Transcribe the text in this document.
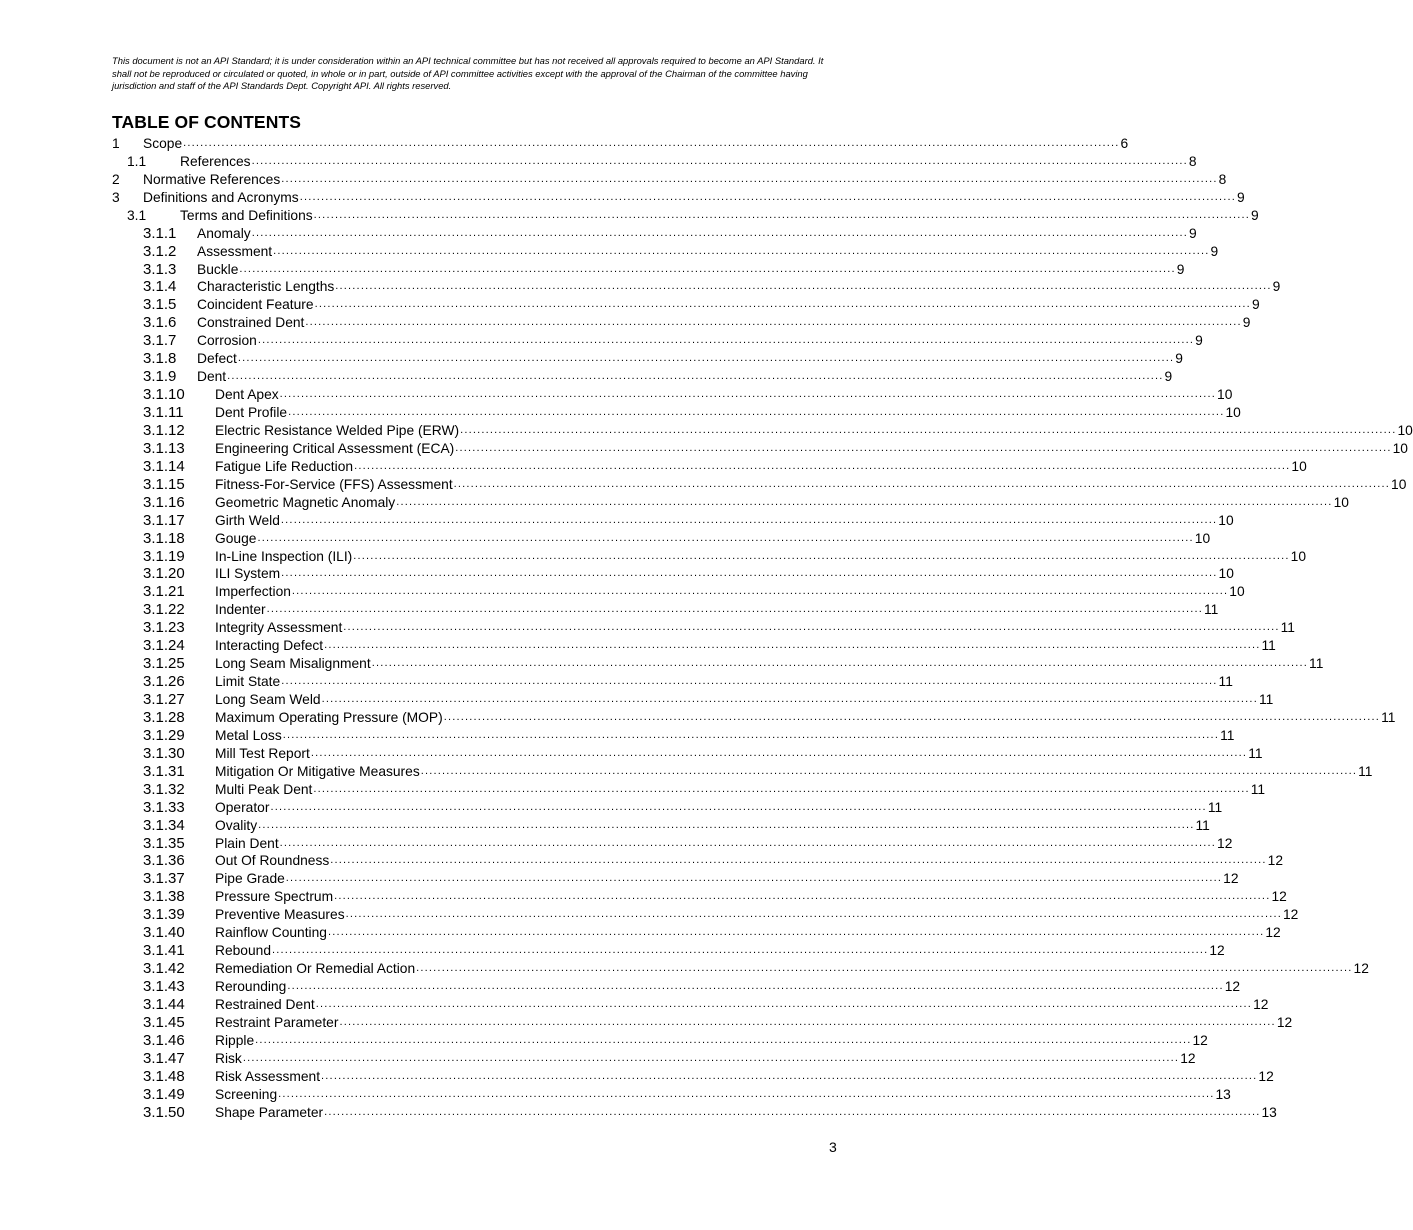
This document is not an API Standard; it is under consideration within an API technical committee but has not received all approvals required to become an API Standard. It shall not be reproduced or circulated or quoted, in whole or in part, outside of API committee activities except with the approval of the Chairman of the committee having jurisdiction and staff of the API Standards Dept. Copyright API. All rights reserved.
TABLE OF CONTENTS
1 Scope ............................................................................................................................................................................................................................ 6
1.1 References ............................................................................................................................................................................................................................ 8
2 Normative References ............................................................................................................................................................................................................................ 8
3 Definitions and Acronyms ............................................................................................................................................................................................................................ 9
3.1 Terms and Definitions ............................................................................................................................................................................................................................ 9
3.1.1 Anomaly ............................................................................................................................................................................................................................ 9
3.1.2 Assessment ............................................................................................................................................................................................................................ 9
3.1.3 Buckle ............................................................................................................................................................................................................................ 9
3.1.4 Characteristic Lengths ............................................................................................................................................................................................................................ 9
3.1.5 Coincident Feature ............................................................................................................................................................................................................................ 9
3.1.6 Constrained Dent ............................................................................................................................................................................................................................ 9
3.1.7 Corrosion ............................................................................................................................................................................................................................ 9
3.1.8 Defect ............................................................................................................................................................................................................................ 9
3.1.9 Dent ............................................................................................................................................................................................................................ 9
3.1.10 Dent Apex ............................................................................................................................................................................................................................ 10
3.1.11 Dent Profile ............................................................................................................................................................................................................................ 10
3.1.12 Electric Resistance Welded Pipe (ERW) ............................................................................................................................................................................................................................ 10
3.1.13 Engineering Critical Assessment (ECA) ............................................................................................................................................................................................................................ 10
3.1.14 Fatigue Life Reduction ............................................................................................................................................................................................................................ 10
3.1.15 Fitness-For-Service (FFS) Assessment ............................................................................................................................................................................................................................ 10
3.1.16 Geometric Magnetic Anomaly ............................................................................................................................................................................................................................ 10
3.1.17 Girth Weld ............................................................................................................................................................................................................................ 10
3.1.18 Gouge ............................................................................................................................................................................................................................ 10
3.1.19 In-Line Inspection (ILI) ............................................................................................................................................................................................................................ 10
3.1.20 ILI System ............................................................................................................................................................................................................................ 10
3.1.21 Imperfection ............................................................................................................................................................................................................................ 10
3.1.22 Indenter ............................................................................................................................................................................................................................ 11
3.1.23 Integrity Assessment ............................................................................................................................................................................................................................ 11
3.1.24 Interacting Defect ............................................................................................................................................................................................................................ 11
3.1.25 Long Seam Misalignment ............................................................................................................................................................................................................................ 11
3.1.26 Limit State ............................................................................................................................................................................................................................ 11
3.1.27 Long Seam Weld ............................................................................................................................................................................................................................ 11
3.1.28 Maximum Operating Pressure (MOP) ............................................................................................................................................................................................................................ 11
3.1.29 Metal Loss ............................................................................................................................................................................................................................ 11
3.1.30 Mill Test Report ............................................................................................................................................................................................................................ 11
3.1.31 Mitigation Or Mitigative Measures ............................................................................................................................................................................................................................ 11
3.1.32 Multi Peak Dent ............................................................................................................................................................................................................................ 11
3.1.33 Operator ............................................................................................................................................................................................................................ 11
3.1.34 Ovality ............................................................................................................................................................................................................................ 11
3.1.35 Plain Dent ............................................................................................................................................................................................................................ 12
3.1.36 Out Of Roundness ............................................................................................................................................................................................................................ 12
3.1.37 Pipe Grade ............................................................................................................................................................................................................................ 12
3.1.38 Pressure Spectrum ............................................................................................................................................................................................................................ 12
3.1.39 Preventive Measures ............................................................................................................................................................................................................................ 12
3.1.40 Rainflow Counting ............................................................................................................................................................................................................................ 12
3.1.41 Rebound ............................................................................................................................................................................................................................ 12
3.1.42 Remediation Or Remedial Action ............................................................................................................................................................................................................................ 12
3.1.43 Rerounding ............................................................................................................................................................................................................................ 12
3.1.44 Restrained Dent ............................................................................................................................................................................................................................ 12
3.1.45 Restraint Parameter ............................................................................................................................................................................................................................ 12
3.1.46 Ripple ............................................................................................................................................................................................................................ 12
3.1.47 Risk ............................................................................................................................................................................................................................ 12
3.1.48 Risk Assessment ............................................................................................................................................................................................................................ 12
3.1.49 Screening ............................................................................................................................................................................................................................ 13
3.1.50 Shape Parameter ............................................................................................................................................................................................................................ 13
3
